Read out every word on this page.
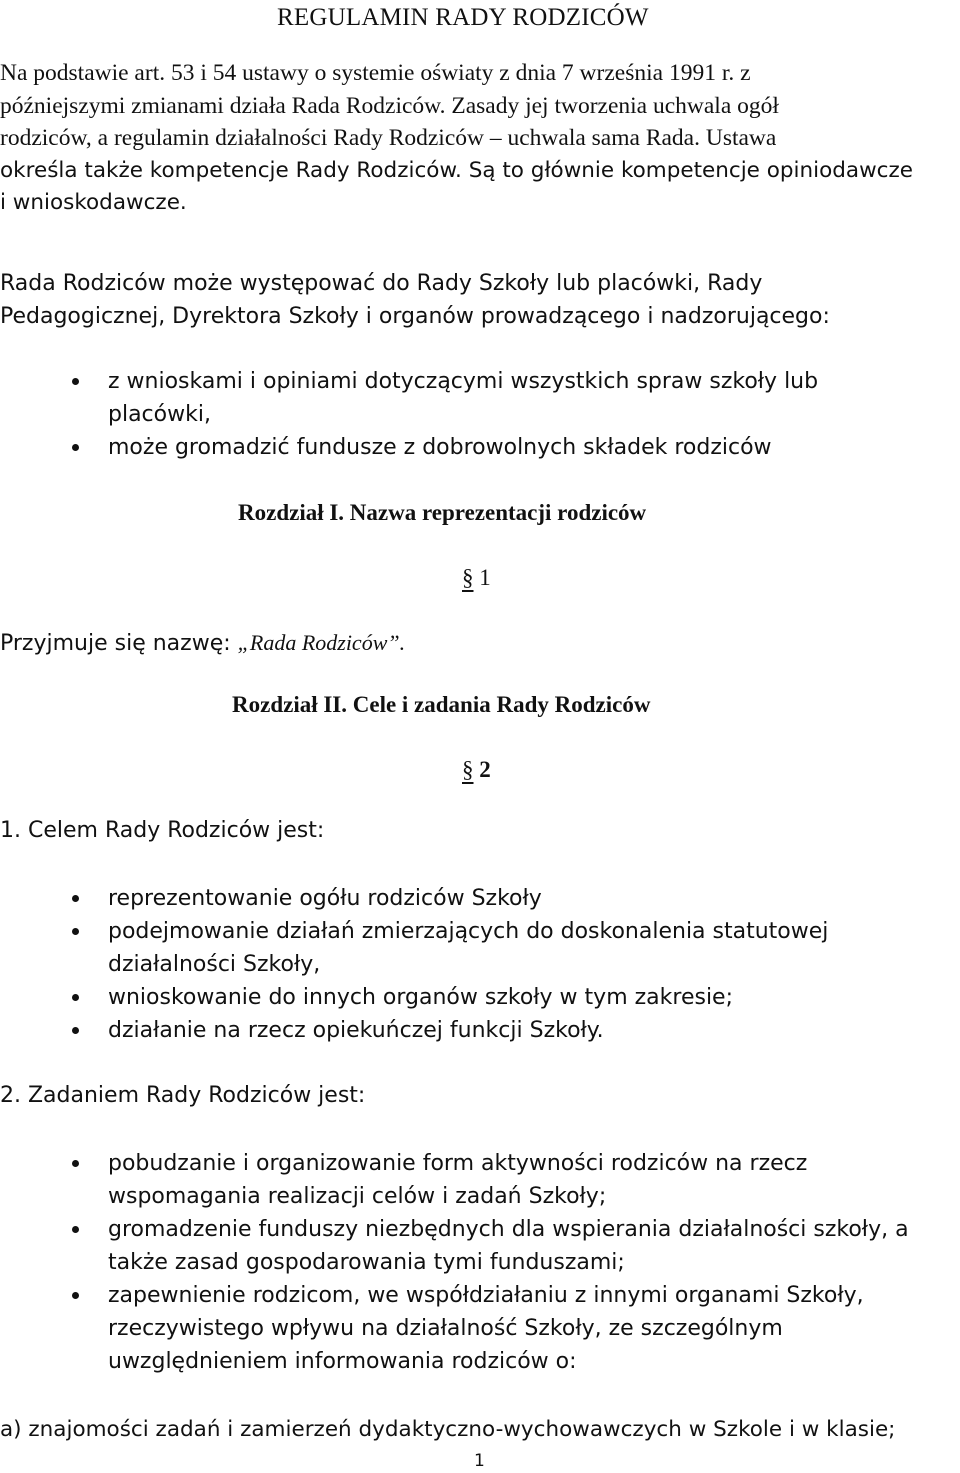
REGULAMIN RADY RODZICÓW
Na podstawie art. 53 i 54 ustawy o systemie oświaty z dnia 7 września 1991 r. z
późniejszymi zmianami działa Rada Rodziców. Zasady jej tworzenia uchwala ogół
rodziców, a regulamin działalności Rady Rodziców – uchwala sama Rada. Ustawa
określa także kompetencje Rady Rodziców. Są to głównie kompetencje opiniodawcze
i wnioskodawcze.
Rada Rodziców może występować do Rady Szkoły lub placówki, Rady
Pedagogicznej, Dyrektora Szkoły i organów prowadzącego i nadzorującego:
z wnioskami i opiniami dotyczącymi wszystkich spraw szkoły lub
placówki,
może gromadzić fundusze z dobrowolnych składek rodziców
Rozdział I. Nazwa reprezentacji rodziców
§ 1
Przyjmuje się nazwę: „Rada Rodziców”.
Rozdział II. Cele i zadania Rady Rodziców
§ 2
1. Celem Rady Rodziców jest:
reprezentowanie ogółu rodziców Szkoły
podejmowanie działań zmierzających do doskonalenia statutowej
działalności Szkoły,
wnioskowanie do innych organów szkoły w tym zakresie;
działanie na rzecz opiekuńczej funkcji Szkoły.
2. Zadaniem Rady Rodziców jest:
pobudzanie i organizowanie form aktywności rodziców na rzecz
wspomagania realizacji celów i zadań Szkoły;
gromadzenie funduszy niezbędnych dla wspierania działalności szkoły, a
także zasad gospodarowania tymi funduszami;
zapewnienie rodzicom, we współdziałaniu z innymi organami Szkoły,
rzeczywistego wpływu na działalność Szkoły, ze szczególnym
uwzględnieniem informowania rodziców o:
a) znajomości zadań i zamierzeń dydaktyczno-wychowawczych w Szkole i w klasie;
1
